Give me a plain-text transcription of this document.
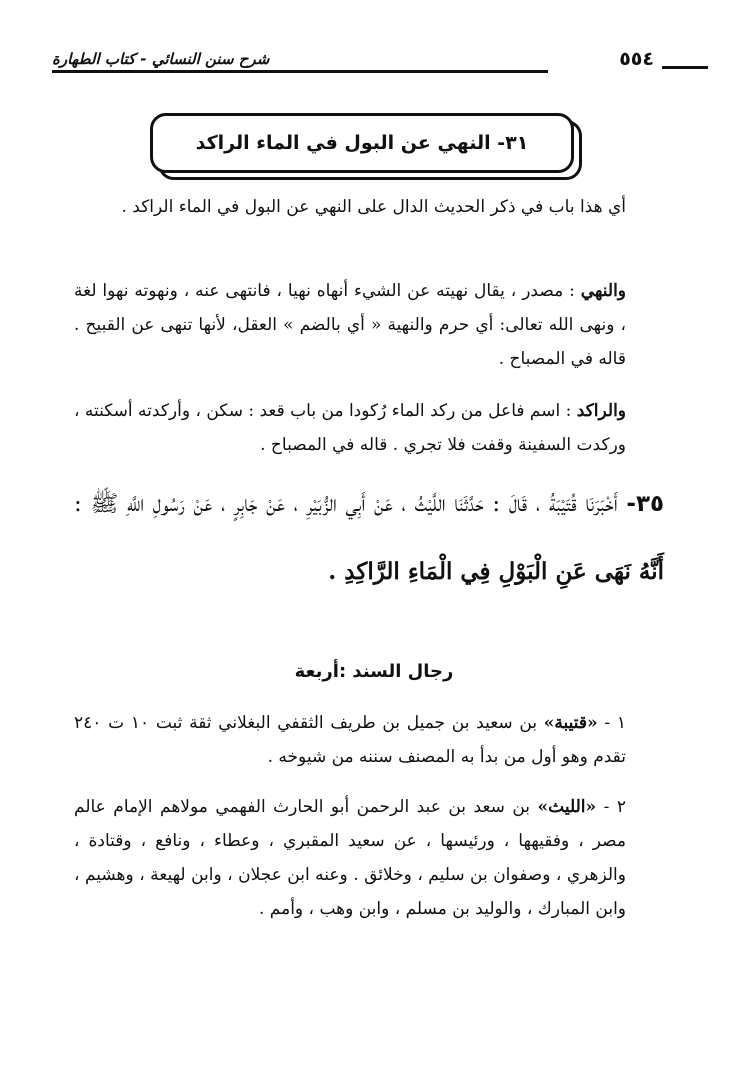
شرح سنن النسائي - كتاب الطهارة	٥٥٤
٣١- النهي عن البول في الماء الراكد

أي هذا باب في ذكر الحديث الدال على النهي عن البول في الماء الراكد .

والنهي : مصدر ، يقال نهيته عن الشيء أنهاه نهيا ، فانتهى عنه ، ونهوته نهوا لغة ، ونهى الله تعالى: أي حرم والنهية « أي بالضم » العقل، لأنها تنهى عن القبيح . قاله في المصباح .

والراكد : اسم فاعل من ركد الماء رُكودا من باب قعد : سكن ، وأركدته أسكنته ، وركدت السفينة وقفت فلا تجري . قاله في المصباح .

٣٥- أَخْبَرَنَا قُتَيْبَةُ ، قَالَ : حَدَّثَنَا اللَّيْثُ ، عَنْ أَبِي الزُّبَيْرِ ، عَنْ جَابِرٍ ، عَنْ رَسُولِ اللَّهِ ﷺ : أَنَّهُ نَهَى عَنِ الْبَوْلِ فِي الْمَاءِ الرَّاكِدِ .
رجال السند :أربعة

١ - «قتيبة» بن سعيد بن جميل بن طريف الثقفي البغلاني ثقة ثبت ١٠ ت ٢٤٠ تقدم وهو أول من بدأ به المصنف سننه من شيوخه .

٢ - «الليث» بن سعد بن عبد الرحمن أبو الحارث الفهمي مولاهم الإمام عالم مصر ، وفقيهها ، ورئيسها ، عن سعيد المقبري ، وعطاء ، ونافع ، وقتادة ، والزهري ، وصفوان بن سليم ، وخلائق . وعنه ابن عجلان ، وابن لهيعة ، وهشيم ، وابن المبارك ، والوليد بن مسلم ، وابن وهب ، وأمم .
